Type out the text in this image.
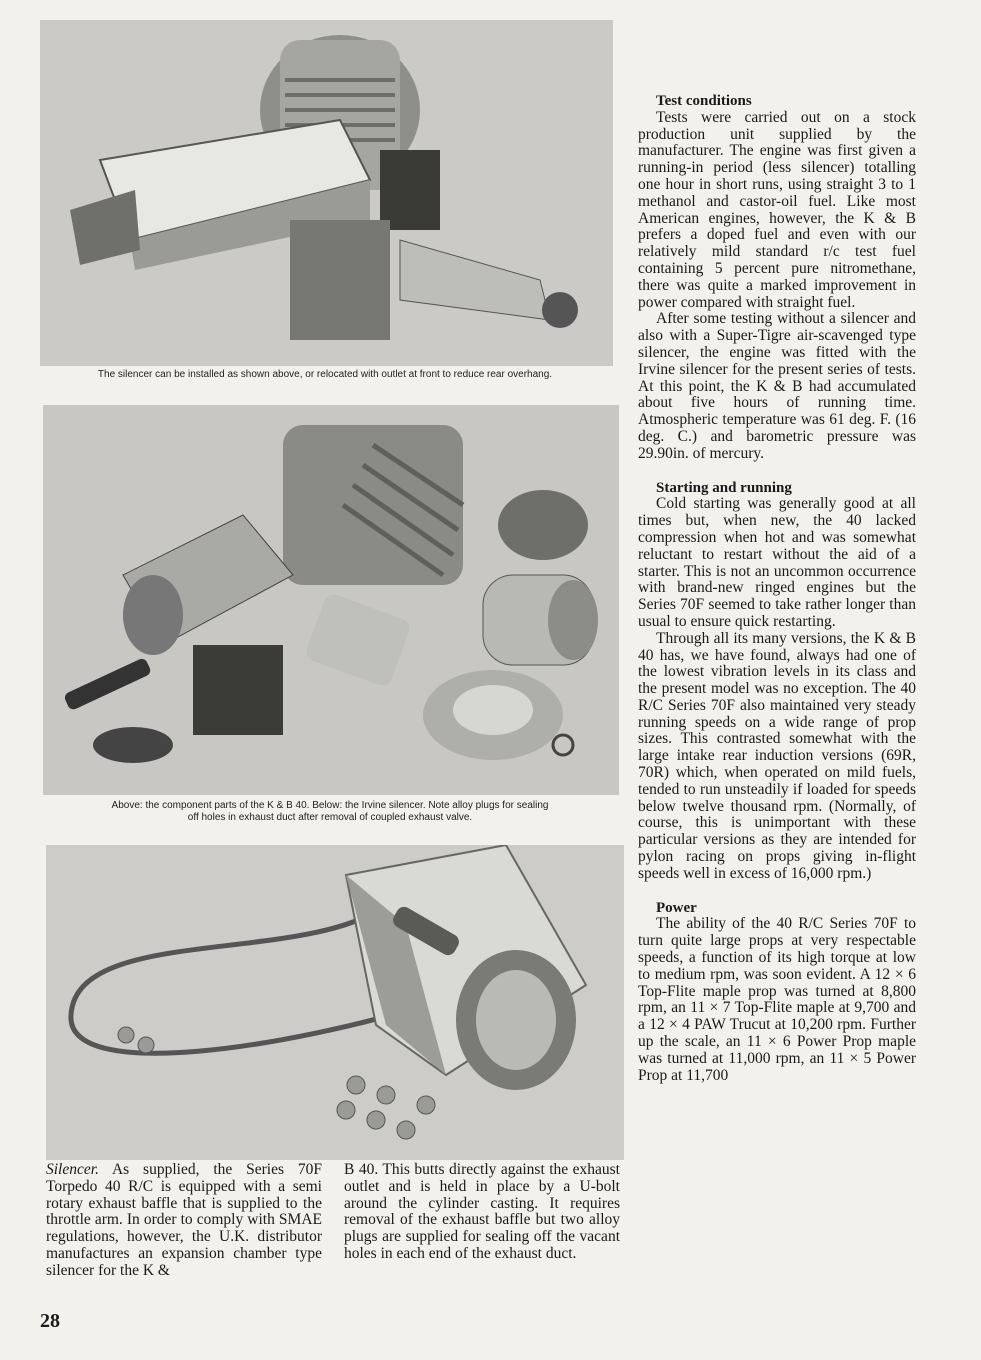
The silencer can be installed as shown above, or relocated with outlet at front to reduce rear overhang.
Above: the component parts of the K & B 40. Below: the Irvine silencer. Note alloy plugs for sealing off holes in exhaust duct after removal of coupled exhaust valve.

Silencer. As supplied, the Series 70F Torpedo 40 R/C is equipped with a semi rotary exhaust baffle that is supplied to the throttle arm. In order to comply with SMAE regulations, however, the U.K. distributor manufactures an expansion chamber type silencer for the K &

B 40. This butts directly against the exhaust outlet and is held in place by a U-bolt around the cylinder casting. It requires removal of the exhaust baffle but two alloy plugs are supplied for sealing off the vacant holes in each end of the exhaust duct.

Test conditions

Tests were carried out on a stock production unit supplied by the manufacturer. The engine was first given a running-in period (less silencer) totalling one hour in short runs, using straight 3 to 1 methanol and castor-oil fuel. Like most American engines, however, the K & B prefers a doped fuel and even with our relatively mild standard r/c test fuel containing 5 percent pure nitromethane, there was quite a marked improvement in power compared with straight fuel.

After some testing without a silencer and also with a Super-Tigre air-scavenged type silencer, the engine was fitted with the Irvine silencer for the present series of tests. At this point, the K & B had accumulated about five hours of running time. Atmospheric temperature was 61 deg. F. (16 deg. C.) and barometric pressure was 29.90in. of mercury.

Starting and running

Cold starting was generally good at all times but, when new, the 40 lacked compression when hot and was somewhat reluctant to restart without the aid of a starter. This is not an uncommon occurrence with brand-new ringed engines but the Series 70F seemed to take rather longer than usual to ensure quick restarting.

Through all its many versions, the K & B 40 has, we have found, always had one of the lowest vibration levels in its class and the present model was no exception. The 40 R/C Series 70F also maintained very steady running speeds on a wide range of prop sizes. This contrasted somewhat with the large intake rear induction versions (69R, 70R) which, when operated on mild fuels, tended to run unsteadily if loaded for speeds below twelve thousand rpm. (Normally, of course, this is unimportant with these particular versions as they are intended for pylon racing on props giving in-flight speeds well in excess of 16,000 rpm.)

Power

The ability of the 40 R/C Series 70F to turn quite large props at very respectable speeds, a function of its high torque at low to medium rpm, was soon evident. A 12 × 6 Top-Flite maple prop was turned at 8,800 rpm, an 11 × 7 Top-Flite maple at 9,700 and a 12 × 4 PAW Trucut at 10,200 rpm. Further up the scale, an 11 × 6 Power Prop maple was turned at 11,000 rpm, an 11 × 5 Power Prop at 11,700

28
